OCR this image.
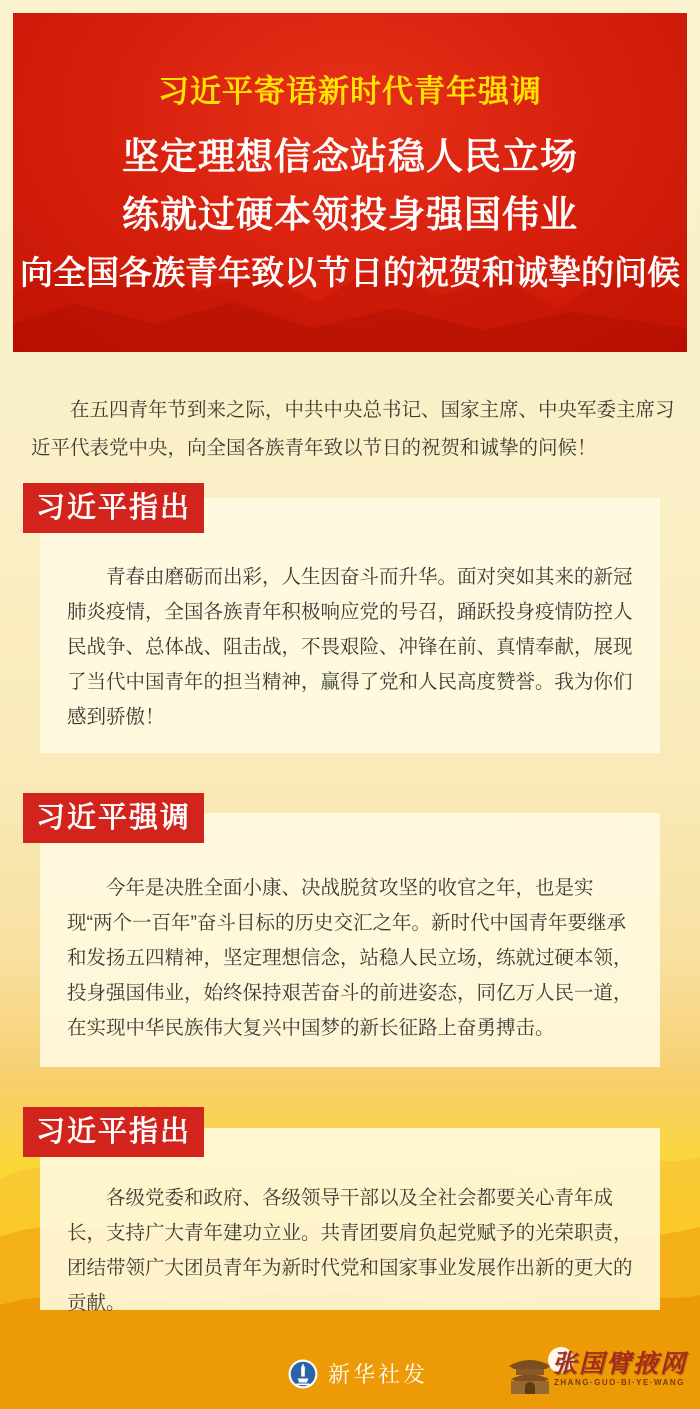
习近平寄语新时代青年强调
坚定理想信念站稳人民立场
练就过硬本领投身强国伟业
向全国各族青年致以节日的祝贺和诚挚的问候

在五四青年节到来之际，中共中央总书记、国家主席、中央军委主席习近平代表党中央，向全国各族青年致以节日的祝贺和诚挚的问候！

习近平指出

青春由磨砺而出彩，人生因奋斗而升华。面对突如其来的新冠肺炎疫情，全国各族青年积极响应党的号召，踊跃投身疫情防控人民战争、总体战、阻击战，不畏艰险、冲锋在前、真情奉献，展现了当代中国青年的担当精神，赢得了党和人民高度赞誉。我为你们感到骄傲！

习近平强调

今年是决胜全面小康、决战脱贫攻坚的收官之年，也是实现“两个一百年”奋斗目标的历史交汇之年。新时代中国青年要继承和发扬五四精神，坚定理想信念，站稳人民立场，练就过硬本领，投身强国伟业，始终保持艰苦奋斗的前进姿态，同亿万人民一道，在实现中华民族伟大复兴中国梦的新长征路上奋勇搏击。

习近平指出

各级党委和政府、各级领导干部以及全社会都要关心青年成长，支持广大青年建功立业。共青团要肩负起党赋予的光荣职责，团结带领广大团员青年为新时代党和国家事业发展作出新的更大的贡献。

新华社发	张国臂掖网
ZHANG·GUO·BI·YE·WANG
